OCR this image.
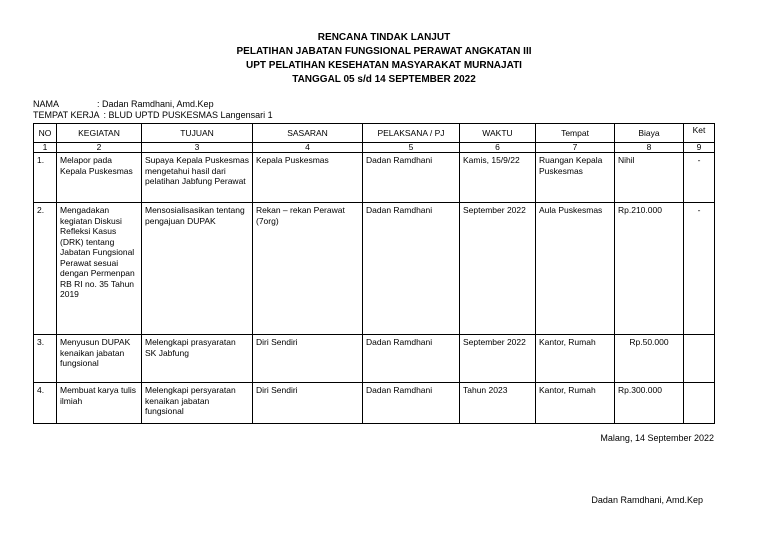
RENCANA TINDAK LANJUT
PELATIHAN JABATAN FUNGSIONAL PERAWAT ANGKATAN III
UPT PELATIHAN KESEHATAN MASYARAKAT MURNAJATI
TANGGAL 05 s/d 14 SEPTEMBER 2022
NAMA	: Dadan Ramdhani, Amd.Kep
TEMPAT KERJA : BLUD UPTD PUSKESMAS Langensari 1
NO	KEGIATAN	TUJUAN	SASARAN	PELAKSANA / PJ	WAKTU	Tempat	Biaya	Ket
1	2	3	4	5	6	7	8	9
1.	Melapor pada Kepala Puskesmas	Supaya Kepala Puskesmas mengetahui hasil dari pelatihan Jabfung Perawat	Kepala Puskesmas	Dadan Ramdhani	Kamis, 15/9/22	Ruangan Kepala Puskesmas	Nihil	-
2.	Mengadakan kegiatan Diskusi Refleksi Kasus (DRK) tentang Jabatan Fungsional Perawat sesuai dengan Permenpan RB RI no. 35 Tahun 2019	Mensosialisasikan tentang pengajuan DUPAK	Rekan – rekan Perawat (7org)	Dadan Ramdhani	September 2022	Aula Puskesmas	Rp.210.000	-
3.	Menyusun DUPAK kenaikan jabatan fungsional	Melengkapi prasyaratan SK Jabfung	Diri Sendiri	Dadan Ramdhani	September 2022	Kantor, Rumah	Rp.50.000	
4.	Membuat karya tulis ilmiah	Melengkapi persyaratan kenaikan jabatan fungsional	Diri Sendiri	Dadan Ramdhani	Tahun 2023	Kantor, Rumah	Rp.300.000	
Malang, 14 September 2022
Dadan Ramdhani, Amd.Kep
